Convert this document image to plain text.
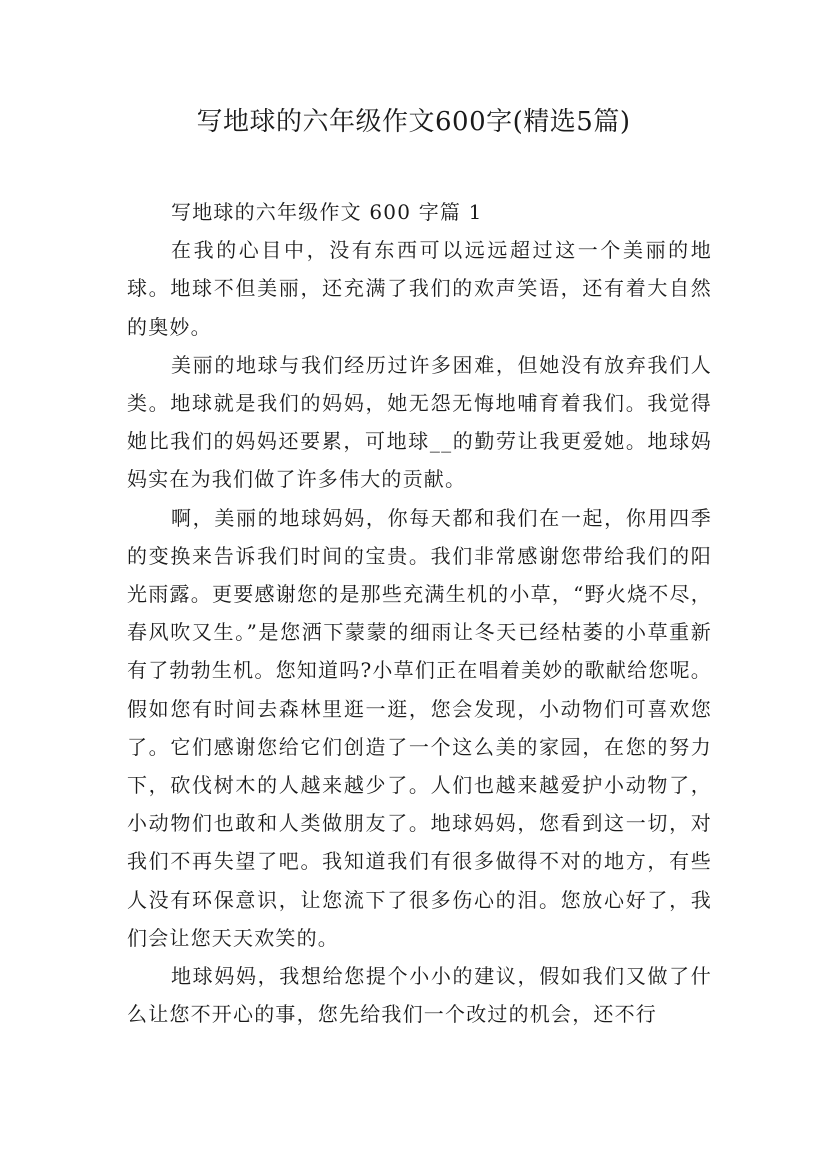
写地球的六年级作文600字(精选5篇)

写地球的六年级作文 600 字篇 1

在我的心目中，没有东西可以远远超过这一个美丽的地球。地球不但美丽，还充满了我们的欢声笑语，还有着大自然的奥妙。

美丽的地球与我们经历过许多困难，但她没有放弃我们人类。地球就是我们的妈妈，她无怨无悔地哺育着我们。我觉得她比我们的妈妈还要累，可地球__的勤劳让我更爱她。地球妈妈实在为我们做了许多伟大的贡献。

啊，美丽的地球妈妈，你每天都和我们在一起，你用四季的变换来告诉我们时间的宝贵。我们非常感谢您带给我们的阳光雨露。更要感谢您的是那些充满生机的小草，“野火烧不尽，春风吹又生。”是您洒下蒙蒙的细雨让冬天已经枯萎的小草重新有了勃勃生机。您知道吗?小草们正在唱着美妙的歌献给您呢。假如您有时间去森林里逛一逛，您会发现，小动物们可喜欢您了。它们感谢您给它们创造了一个这么美的家园，在您的努力下，砍伐树木的人越来越少了。人们也越来越爱护小动物了，小动物们也敢和人类做朋友了。地球妈妈，您看到这一切，对我们不再失望了吧。我知道我们有很多做得不对的地方，有些人没有环保意识，让您流下了很多伤心的泪。您放心好了，我们会让您天天欢笑的。

地球妈妈，我想给您提个小小的建议，假如我们又做了什么让您不开心的事，您先给我们一个改过的机会，还不行
